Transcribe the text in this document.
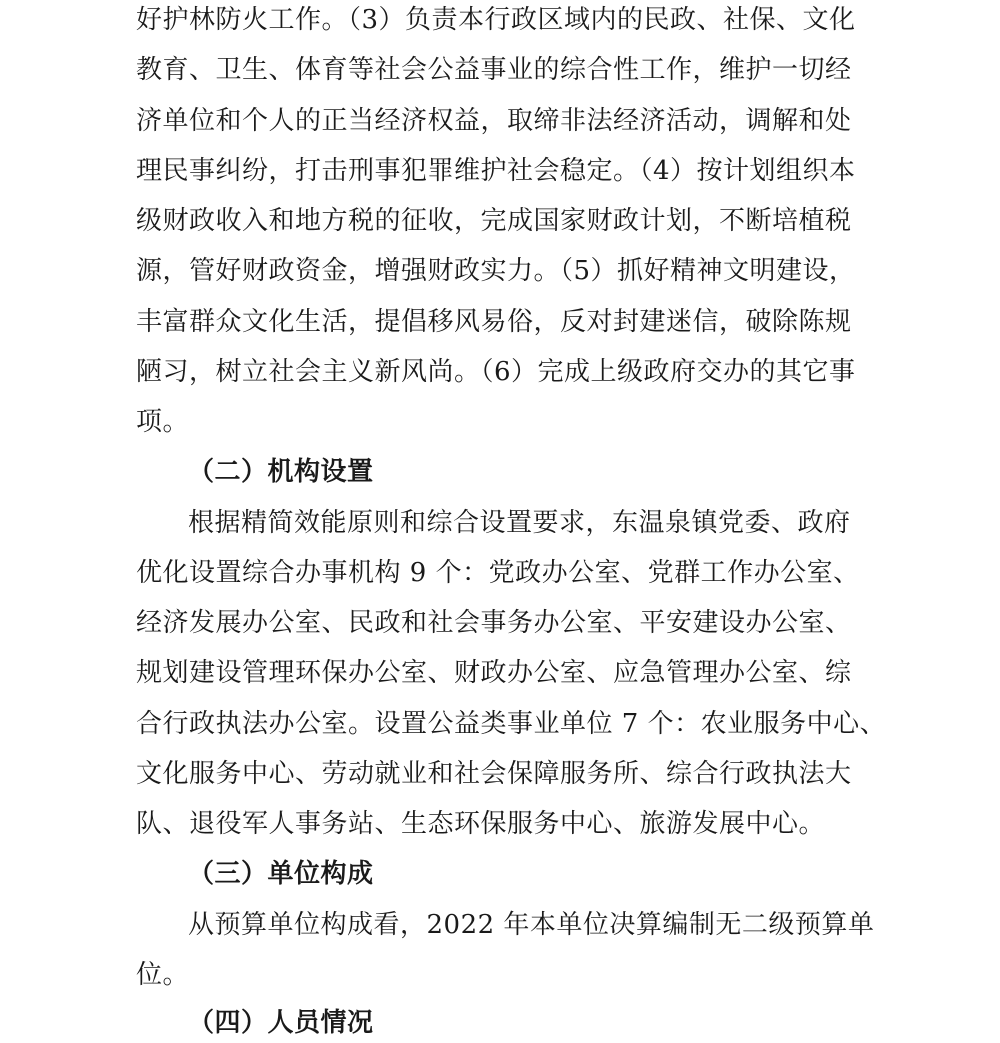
好护林防火工作。（3）负责本行政区域内的民政、社保、文化
教育、卫生、体育等社会公益事业的综合性工作，维护一切经
济单位和个人的正当经济权益，取缔非法经济活动，调解和处
理民事纠纷，打击刑事犯罪维护社会稳定。（4）按计划组织本
级财政收入和地方税的征收，完成国家财政计划，不断培植税
源，管好财政资金，增强财政实力。（5）抓好精神文明建设，
丰富群众文化生活，提倡移风易俗，反对封建迷信，破除陈规
陋习，树立社会主义新风尚。（6）完成上级政府交办的其它事
项。
（二）机构设置
根据精简效能原则和综合设置要求，东温泉镇党委、政府
优化设置综合办事机构 9 个：党政办公室、党群工作办公室、
经济发展办公室、民政和社会事务办公室、平安建设办公室、
规划建设管理环保办公室、财政办公室、应急管理办公室、综
合行政执法办公室。设置公益类事业单位 7 个：农业服务中心、
文化服务中心、劳动就业和社会保障服务所、综合行政执法大
队、退役军人事务站、生态环保服务中心、旅游发展中心。
（三）单位构成
从预算单位构成看，2022 年本单位决算编制无二级预算单
位。
（四）人员情况
